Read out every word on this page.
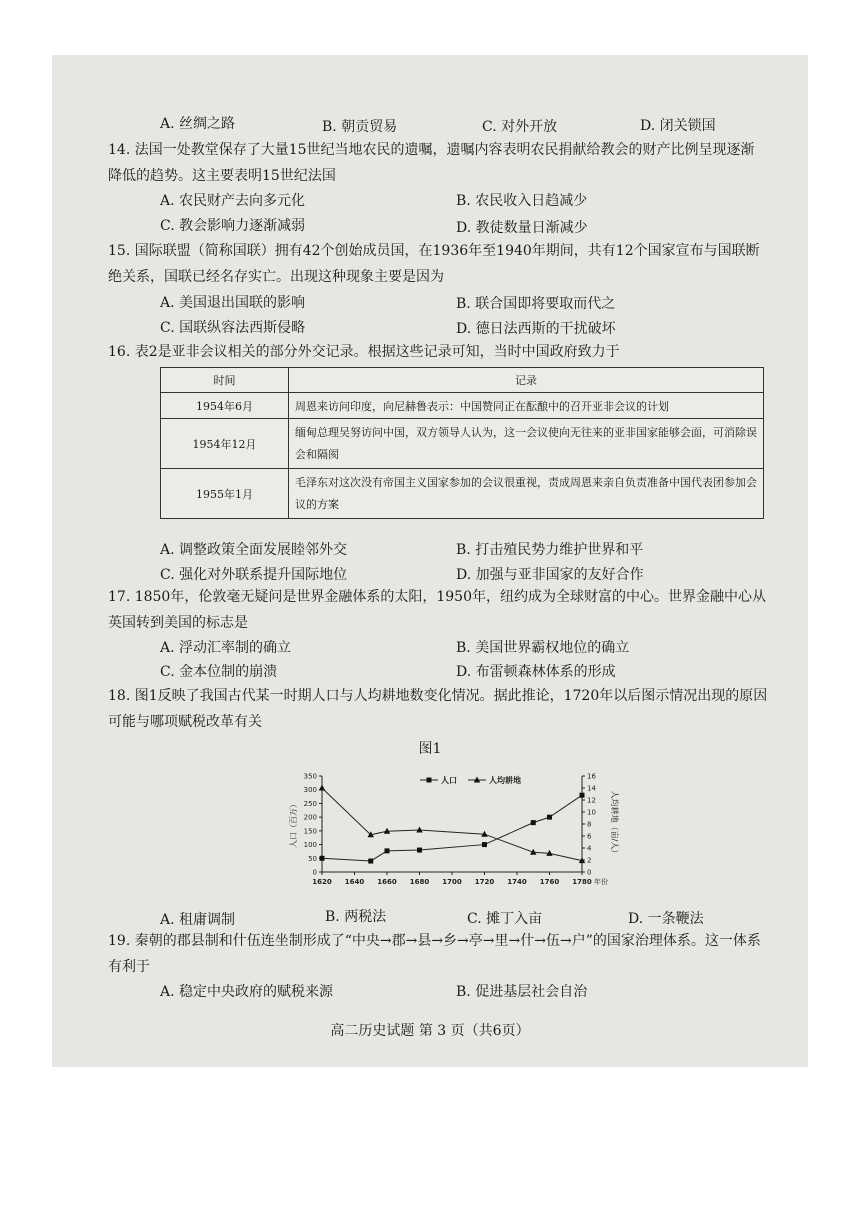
A. 丝绸之路	B. 朝贡贸易	C. 对外开放	D. 闭关锁国
14. 法国一处教堂保存了大量15世纪当地农民的遗嘱，遗嘱内容表明农民捐献给教会的财产比例呈现逐渐降低的趋势。这主要表明15世纪法国
A. 农民财产去向多元化	B. 农民收入日趋减少
C. 教会影响力逐渐减弱	D. 教徒数量日渐减少
15. 国际联盟（简称国联）拥有42个创始成员国，在1936年至1940年期间，共有12个国家宣布与国联断绝关系，国联已经名存实亡。出现这种现象主要是因为
A. 美国退出国联的影响	B. 联合国即将要取而代之
C. 国联纵容法西斯侵略	D. 德日法西斯的干扰破坏
16. 表2是亚非会议相关的部分外交记录。根据这些记录可知，当时中国政府致力于
时间	记录
1954年6月	周恩来访问印度，向尼赫鲁表示：中国赞同正在酝酿中的召开亚非会议的计划
1954年12月	缅甸总理吴努访问中国，双方领导人认为，这一会议使向无往来的亚非国家能够会面，可消除误会和隔阂
1955年1月	毛泽东对这次没有帝国主义国家参加的会议很重视，责成周恩来亲自负责准备中国代表团参加会议的方案
A. 调整政策全面发展睦邻外交	B. 打击殖民势力维护世界和平
C. 强化对外联系提升国际地位	D. 加强与亚非国家的友好合作
17. 1850年，伦敦毫无疑问是世界金融体系的太阳，1950年，纽约成为全球财富的中心。世界金融中心从英国转到美国的标志是
A. 浮动汇率制的确立	B. 美国世界霸权地位的确立
C. 金本位制的崩溃	D. 布雷顿森林体系的形成
18. 图1反映了我国古代某一时期人口与人均耕地数变化情况。据此推论，1720年以后图示情况出现的原因可能与哪项赋税改革有关
图1
0
50
100
150
200
250
300
350
0
2
4
6
8
10
12
14
16
1620 1640 1660 1680 1700 1720 1740 1760 1780 年份
人口（百万）	人均耕地（亩/人）
人口	人均耕地
A. 租庸调制	B. 两税法	C. 摊丁入亩	D. 一条鞭法
19. 秦朝的郡县制和什伍连坐制形成了“中央→郡→县→乡→亭→里→什→伍→户”的国家治理体系。这一体系有利于
A. 稳定中央政府的赋税来源	B. 促进基层社会自治
高二历史试题 第 3 页（共6页）
